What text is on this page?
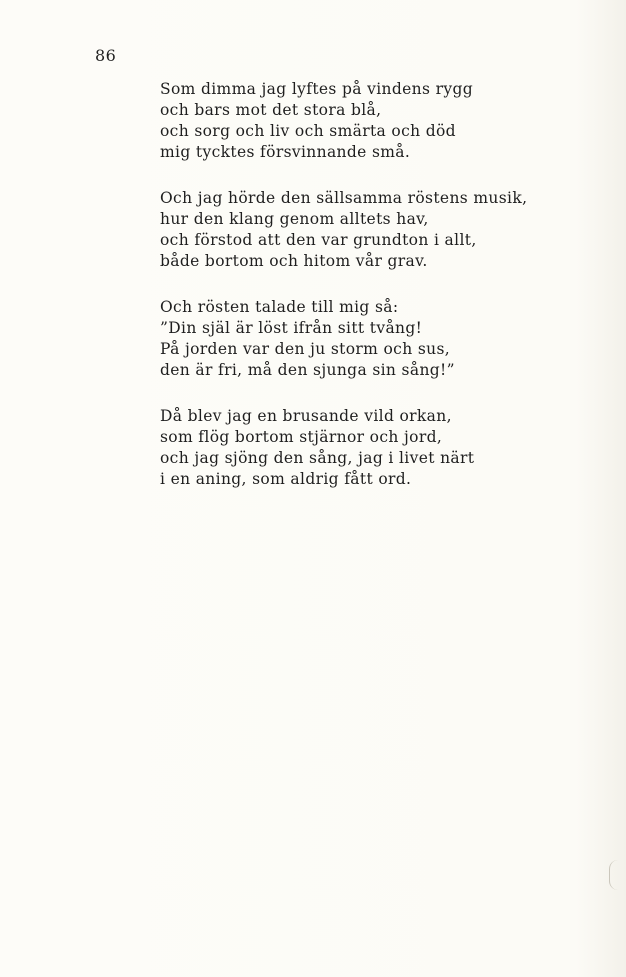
86
Som dimma jag lyftes på vindens rygg
och bars mot det stora blå,
och sorg och liv och smärta och död
mig tycktes försvinnande små.
Och jag hörde den sällsamma röstens musik,
hur den klang genom alltets hav,
och förstod att den var grundton i allt,
både bortom och hitom vår grav.
Och rösten talade till mig så:
”Din själ är löst ifrån sitt tvång!
På jorden var den ju storm och sus,
den är fri, må den sjunga sin sång!”
Då blev jag en brusande vild orkan,
som flög bortom stjärnor och jord,
och jag sjöng den sång, jag i livet närt
i en aning, som aldrig fått ord.
